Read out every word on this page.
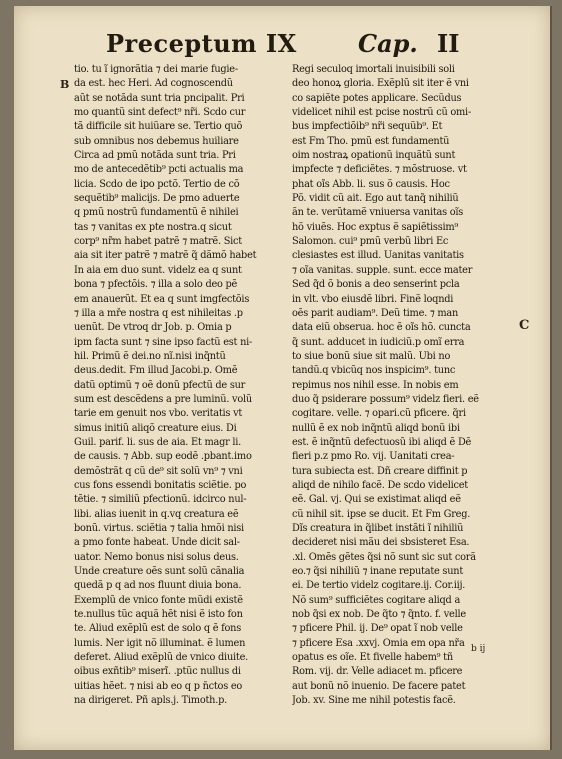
Preceptum IX	Cap. II
B
C
tio. tu ĩ ignorãtia ⁊ dei marie fugie-
da est. hec Heri. Ad cognoscendũ
aũt se notãda sunt tria pncipalit. Pri
mo quantũ sint defect⁹ nr̃i. Scdo cur
tã difficile sit huiũare se. Tertio quõ
sub omnibus nos debemus huiliare
Circa ad pmũ notãda sunt tria. Pri
mo de antecedẽtib⁹ pcti actualis ma
licia. Scdo de ipo pctõ. Tertio de cõ
sequẽtib⁹ malicijs. De pmo aduerte
q pmũ nostrũ fundamentũ ẽ nihilei
tas ⁊ vanitas ex pte nostra.q sicut
corp⁹ nr̃m habet patrẽ ⁊ matrẽ. Sict
aia sit iter patrẽ ⁊ matrẽ q̃ dãmõ habet
In aia em duo sunt. videlz ea q sunt
bona ⁊ pfectõis. ⁊ illa a solo deo pẽ
em anauerũt. Et ea q sunt imgfectõis
⁊ illa a mře nostra q est nihileitas .p
uenũt. De vtroq dr Job. p. Omia p
ipm facta sunt ⁊ sine ipso factũ est ni-
hil. Primũ ẽ dei.no nĩ.nisi inq̃ntũ
deus.dedit. Fm illud Jacobi.p. Omẽ
datũ optimũ ⁊ oẽ donũ pfectũ de sur
sum est descẽdens a pre luminũ. volũ
tarie em genuit nos vbo. veritatis vt
simus initiũ aliqõ creature eius. Di
Guil. parif. li. sus de aia. Et magr li.
de causis. ⁊ Abb. sup eodẽ .pbant.imo
demõstrãt q cũ de⁹ sit solũ vn⁹ ⁊ vni
cus fons essendi bonitatis sciẽtie. po
tẽtie. ⁊ similiũ pfectionũ. idcirco nul-
libi. alias iuenit in q.vq creatura eẽ
bonũ. virtus. sciẽtia ⁊ talia hmõi nisi
a pmo fonte habeat. Unde dicit sal-
uator. Nemo bonus nisi solus deus.
Unde creature oẽs sunt solũ cãnalia
quedã p q ad nos fluunt diuia bona.
Exemplũ de vnico fonte mũdi existẽ
te.nullus tũc aquã hẽt nisi ẽ isto fon
te. Aliud exẽplũ est de solo q ẽ fons
lumis. Ner igit nõ illuminat. ẽ lumen
deferet. Aliud exẽplũ de vnico diuite.
oibus exñtib⁹ miserĩ. .ptũc nullus di
uitias hẽet. ⁊ nisi ab eo q p n̄ctos eo
na dirigeret. Pñ apls.j. Timoth.p.
Regi seculoq imortali inuisibili soli
deo honoꝝ gloria. Exẽplũ sit iter ẽ vni
co sapiẽte potes applicare. Secũdus
videlicet nihil est pcise nostrũ cũ omi-
bus impfectiõib⁹ nr̃i sequũb⁹. Et
est Fm Tho. pmũ est fundamentũ
oim nostraꝝ opationũ inquãtũ sunt
impfecte ⁊ deficiẽtes. ⁊ mõstruose. vt
phat oĩs Abb. li. sus õ causis. Hoc
Põ. vidit cũ ait. Ego aut tanq̃ nihiliũ
ãn te. verũtamẽ vniuersa vanitas oĩs
hõ viuẽs. Hoc exptus ẽ sapiẽtissim⁹
Salomon. cui⁹ pmũ verbũ libri Ec
clesiastes est illud. Uanitas vanitatis
⁊ oĩa vanitas. supple. sunt. ecce mater
Sed q̃d õ bonis a deo senserint pcla
in vlt. vbo eiusdẽ libri. Finẽ loqndi
oẽs parit audiam⁹. Deũ time. ⁊ man
data eiũ obserua. hoc ẽ oĩs hõ. cuncta
q̃ sunt. adducet in iudiciũ.p omĩ erra
to siue bonũ siue sit malũ. Ubi no
tandũ.q vbicũq nos inspicim⁹. tunc
repimus nos nihil esse. In nobis em
duo q̃ psiderare possum⁹ videlz fieri. eẽ
cogitare. velle. ⁊ opari.cũ pficere. q̃ri
nullũ ẽ ex nob inq̃ntũ aliqd bonũ ibi
est. ẽ inq̃ntũ defectuosũ ibi aliqd ẽ Dẽ
fieri p.z pmo Ro. vij. Uanitati crea-
tura subiecta est. Dñ creare diffinit p
aliqd de nihilo facẽ. De scdo videlicet
eẽ. Gal. vj. Qui se existimat aliqd eẽ
cũ nihil sit. ipse se ducit. Et Fm Greg.
Dĩs creatura in q̃libet instãti ĩ nihiliũ
decideret nisi mãu dei sbsisteret Esa.
.xl. Omẽs gẽtes q̃si nõ sunt sic sut corã
eo.⁊ q̃si nihiliũ ⁊ inane reputate sunt
ei. De tertio videlz cogitare.ij. Cor.iij.
Nõ sum⁹ sufficiẽtes cogitare aliqd a
nob q̃si ex nob. De q̃to ⁊ q̃nto. f. velle
⁊ pficere Phil. ij. De⁹ opat ĩ nob velle
⁊ pficere Esa .xxvj. Omia em opa nr̃a
opatus es oĩe. Et fivelle habem⁹ tñ
Rom. vij. dr. Velle adiacet m. pficere
aut bonũ nõ inuenio. De facere patet
Job. xv. Sine me nihil potestis facẽ.
b ij
